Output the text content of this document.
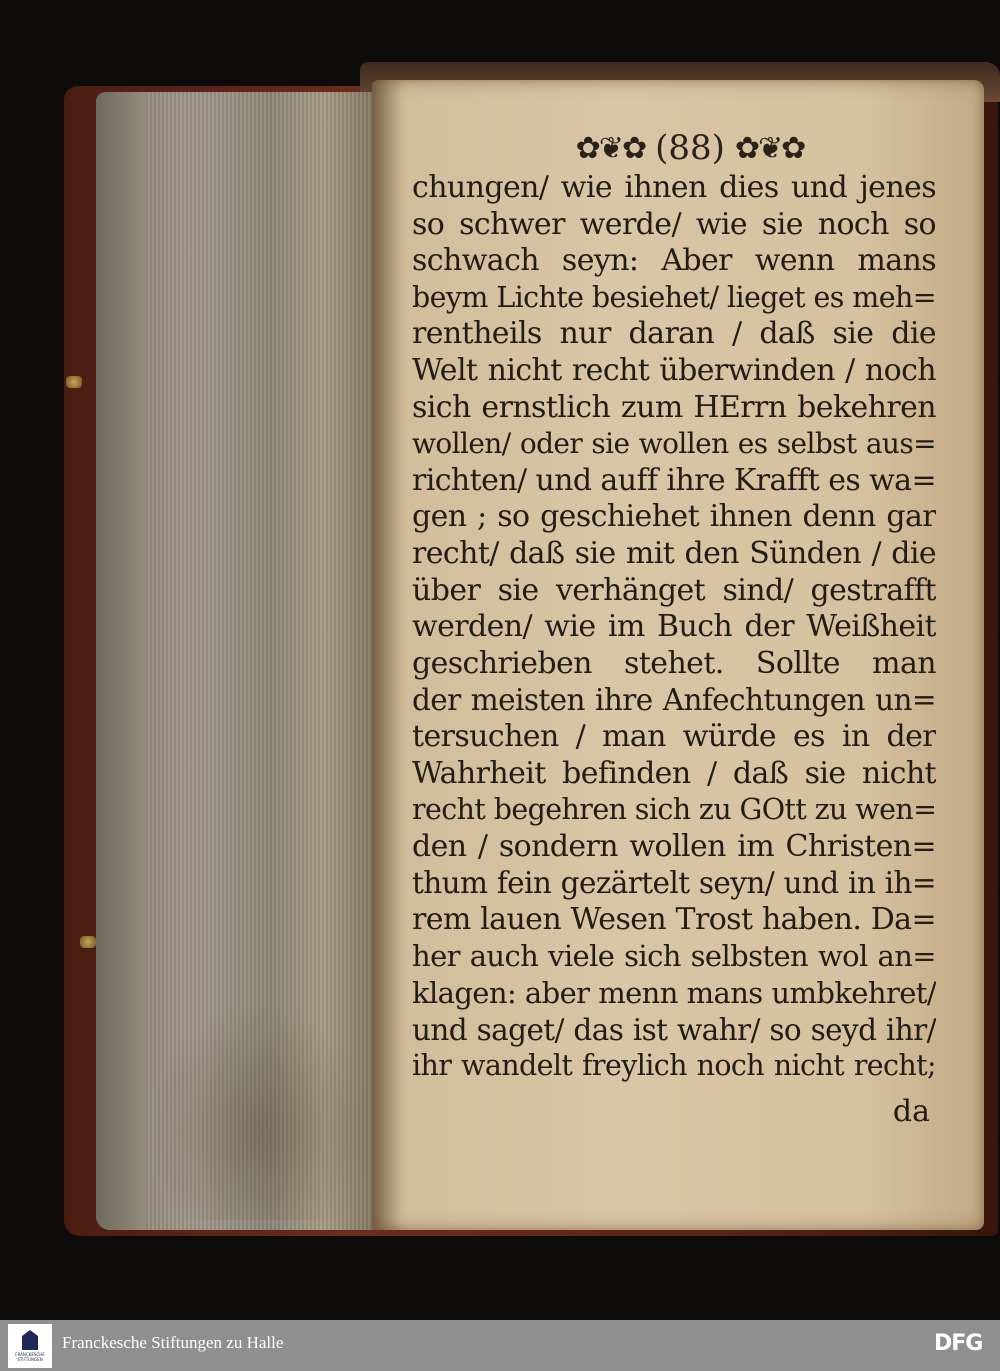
✿❦✿ (88) ✿❦✿
chungen/ wie ihnen dies und jenes
so schwer werde/ wie sie noch so
schwach seyn: Aber wenn mans
beym Lichte besiehet/ lieget es meh=
rentheils nur daran / daß sie die
Welt nicht recht überwinden / noch
sich ernstlich zum HErrn bekehren
wollen/ oder sie wollen es selbst aus=
richten/ und auff ihre Krafft es wa=
gen ; so geschiehet ihnen denn gar
recht/ daß sie mit den Sünden / die
über sie verhänget sind/ gestrafft
werden/ wie im Buch der Weißheit
geschrieben stehet. Sollte man
der meisten ihre Anfechtungen un=
tersuchen / man würde es in der
Wahrheit befinden / daß sie nicht
recht begehren sich zu GOtt zu wen=
den / sondern wollen im Christen=
thum fein gezärtelt seyn/ und in ih=
rem lauen Wesen Trost haben. Da=
her auch viele sich selbsten wol an=
klagen: aber menn mans umbkehret/
und saget/ das ist wahr/ so seyd ihr/
ihr wandelt freylich noch nicht recht;
da
FRANCKESCHE STIFTUNGEN
Franckesche Stiftungen zu Halle	DFG
